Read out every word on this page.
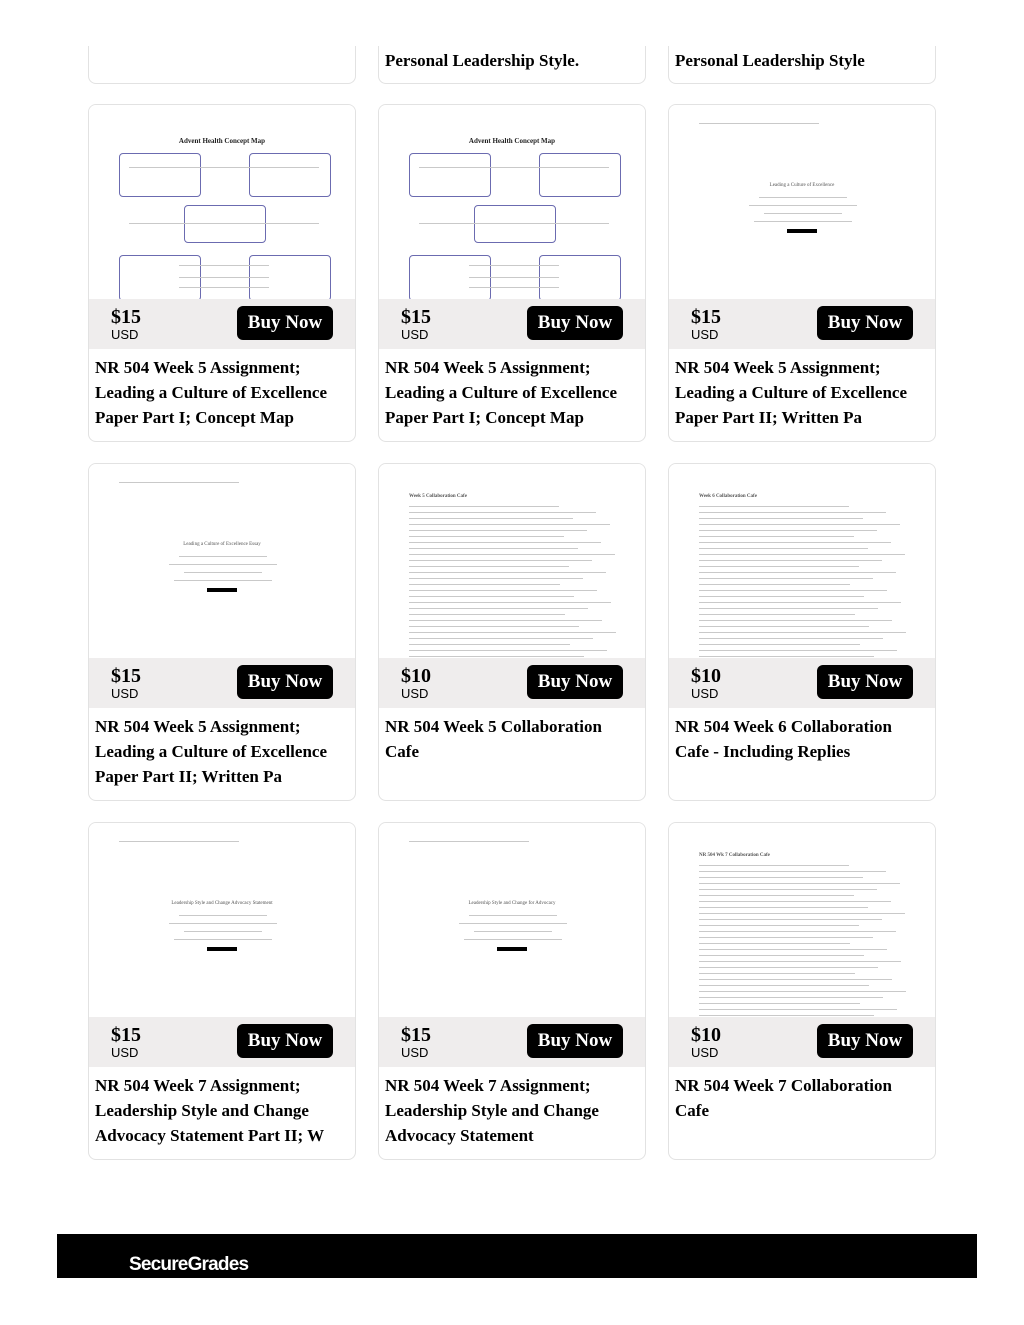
Personal Leadership Style.	Personal Leadership Style
Advent Health Concept Map
$15
USD
Buy Now
NR 504 Week 5 Assignment; Leading a Culture of Excellence Paper Part I; Concept Map
Advent Health Concept Map
$15
USD
Buy Now
NR 504 Week 5 Assignment; Leading a Culture of Excellence Paper Part I; Concept Map
Leading a Culture of Excellence
$15
USD
Buy Now
NR 504 Week 5 Assignment; Leading a Culture of Excellence Paper Part II; Written Pa
Leading a Culture of Excellence Essay
$15
USD
Buy Now
NR 504 Week 5 Assignment; Leading a Culture of Excellence Paper Part II; Written Pa
Week 5 Collaboration Cafe
$10
USD
Buy Now
NR 504 Week 5 Collaboration Cafe
Week 6 Collaboration Cafe
$10
USD
Buy Now
NR 504 Week 6 Collaboration Cafe - Including Replies
Leadership Style and Change Advocacy Statement
$15
USD
Buy Now
NR 504 Week 7 Assignment; Leadership Style and Change Advocacy Statement Part II; W
Leadership Style and Change for Advocacy
$15
USD
Buy Now
NR 504 Week 7 Assignment; Leadership Style and Change Advocacy Statement
NR 504 Wk 7 Collaboration Cafe
$10
USD
Buy Now
NR 504 Week 7 Collaboration Cafe
SecureGrades
